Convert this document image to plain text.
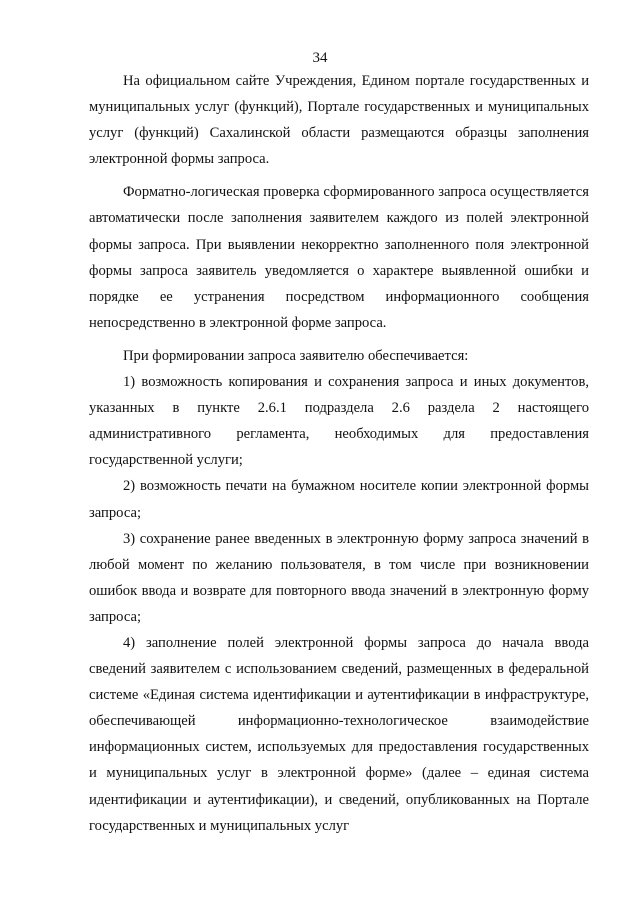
34

На официальном сайте Учреждения, Едином портале государственных и муниципальных услуг (функций), Портале государственных и муниципальных услуг (функций) Сахалинской области размещаются образцы заполнения электронной формы запроса.

Форматно-логическая проверка сформированного запроса осуществляется автоматически после заполнения заявителем каждого из полей электронной формы запроса. При выявлении некорректно заполненного поля электронной формы запроса заявитель уведомляется о характере выявленной ошибки и порядке ее устранения посредством информационного сообщения непосредственно в электронной форме запроса.

При формировании запроса заявителю обеспечивается:

1) возможность копирования и сохранения запроса и иных документов, указанных в пункте 2.6.1 подраздела 2.6 раздела 2 настоящего административного регламента, необходимых для предоставления государственной услуги;

2) возможность печати на бумажном носителе копии электронной формы запроса;

3) сохранение ранее введенных в электронную форму запроса значений в любой момент по желанию пользователя, в том числе при возникновении ошибок ввода и возврате для повторного ввода значений в электронную форму запроса;

4) заполнение полей электронной формы запроса до начала ввода сведений заявителем с использованием сведений, размещенных в федеральной системе «Единая система идентификации и аутентификации в инфраструктуре, обеспечивающей информационно-технологическое взаимодействие информационных систем, используемых для предоставления государственных и муниципальных услуг в электронной форме» (далее – единая система идентификации и аутентификации), и сведений, опубликованных на Портале государственных и муниципальных услуг
